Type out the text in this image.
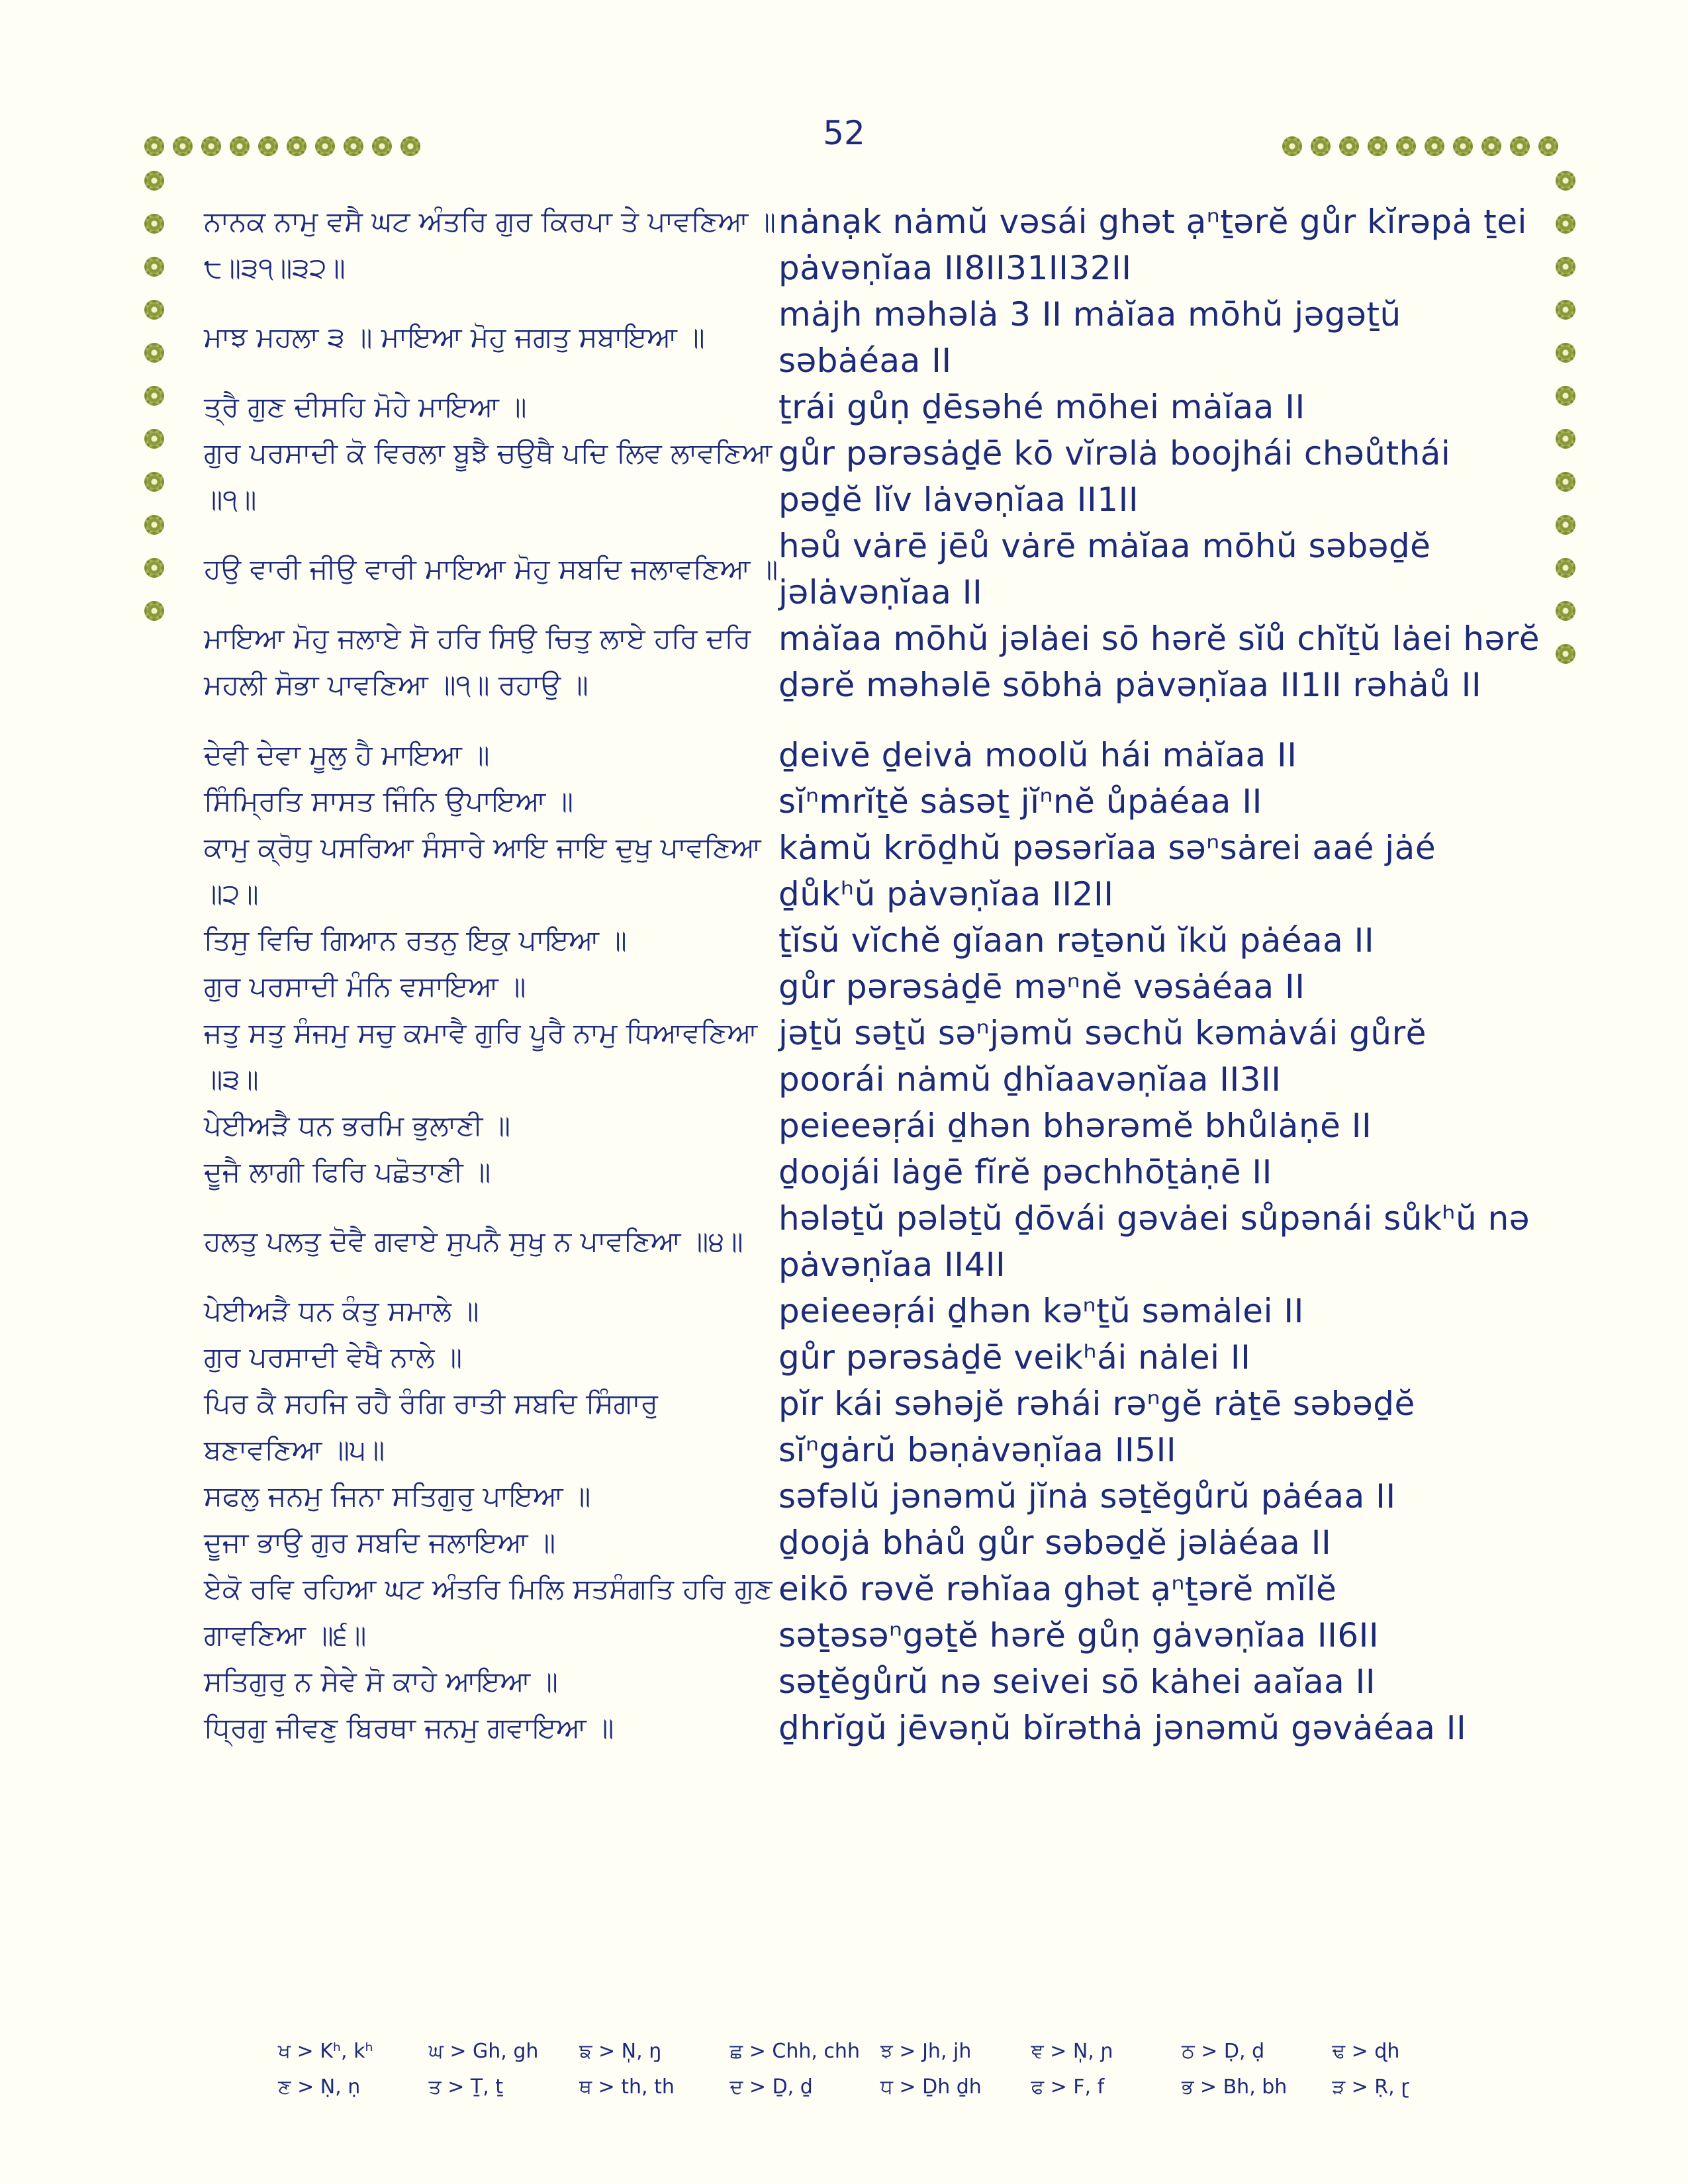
52
ਨਾਨਕ ਨਾਮੁ ਵਸੈ ਘਟ ਅੰਤਰਿ ਗੁਰ ਕਿਰਪਾ ਤੇ ਪਾਵਣਿਆ ॥੮॥੩੧॥੩੨॥
nȧnạk nȧmŭ vəsái ghət ạⁿṯərĕ gůr kĭrəpȧ ṯei pȧvəṇĭaa II8II31II32II
ਮਾਝ ਮਹਲਾ ੩ ॥ ਮਾਇਆ ਮੋਹੁ ਜਗਤੁ ਸਬਾਇਆ ॥
mȧjh məhəlȧ 3 II mȧĭaa mōhŭ jəgəṯŭ səbȧéaa II
ਤ੍ਰੈ ਗੁਣ ਦੀਸਹਿ ਮੋਹੇ ਮਾਇਆ ॥	ṯrái gůṇ ḏēsəhé mōhei mȧĭaa II
ਗੁਰ ਪਰਸਾਦੀ ਕੋ ਵਿਰਲਾ ਬੂਝੈ ਚਉਥੈ ਪਦਿ ਲਿਵ ਲਾਵਣਿਆ ॥੧॥
gůr pərəsȧḏē kō vĭrəlȧ boojhái chəůthái pəḏĕ lĭv lȧvəṇĭaa II1II
ਹਉ ਵਾਰੀ ਜੀਉ ਵਾਰੀ ਮਾਇਆ ਮੋਹੁ ਸਬਦਿ ਜਲਾਵਣਿਆ ॥
həů vȧrē jēů vȧrē mȧĭaa mōhŭ səbəḏĕ jəlȧvəṇĭaa II
ਮਾਇਆ ਮੋਹੁ ਜਲਾਏ ਸੋ ਹਰਿ ਸਿਉ ਚਿਤੁ ਲਾਏ ਹਰਿ ਦਰਿ ਮਹਲੀ ਸੋਭਾ ਪਾਵਣਿਆ ॥੧॥ ਰਹਾਉ ॥
mȧĭaa mōhŭ jəlȧei sō hərĕ sĭů chĭṯŭ lȧei hərĕ ḏərĕ məhəlē sōbhȧ pȧvəṇĭaa II1II rəhȧů II
ਦੇਵੀ ਦੇਵਾ ਮੂਲੁ ਹੈ ਮਾਇਆ ॥	ḏeivē ḏeivȧ moolŭ hái mȧĭaa II
ਸਿੰਮ੍ਰਿਤਿ ਸਾਸਤ ਜਿੰਨਿ ਉਪਾਇਆ ॥	sĭⁿmrĭṯĕ sȧsəṯ jĭⁿnĕ ůpȧéaa II
ਕਾਮੁ ਕ੍ਰੋਧੁ ਪਸਰਿਆ ਸੰਸਾਰੇ ਆਇ ਜਾਇ ਦੁਖੁ ਪਾਵਣਿਆ ॥੨॥
kȧmŭ krōḏhŭ pəsərĭaa səⁿsȧrei aaé jȧé ḏůkʰŭ pȧvəṇĭaa II2II
ਤਿਸੁ ਵਿਚਿ ਗਿਆਨ ਰਤਨੁ ਇਕੁ ਪਾਇਆ ॥	ṯĭsŭ vĭchĕ gĭaan rəṯənŭ ĭkŭ pȧéaa II
ਗੁਰ ਪਰਸਾਦੀ ਮੰਨਿ ਵਸਾਇਆ ॥	gůr pərəsȧḏē məⁿnĕ vəsȧéaa II
ਜਤੁ ਸਤੁ ਸੰਜਮੁ ਸਚੁ ਕਮਾਵੈ ਗੁਰਿ ਪੂਰੈ ਨਾਮੁ ਧਿਆਵਣਿਆ ॥੩॥
jəṯŭ səṯŭ səⁿjəmŭ səchŭ kəmȧvái gůrĕ poorái nȧmŭ ḏhĭaavəṇĭaa II3II
ਪੇਈਅੜੈ ਧਨ ਭਰਮਿ ਭੁਲਾਣੀ ॥	peieeəṛái ḏhən bhərəmĕ bhůlȧṇē II
ਦੂਜੈ ਲਾਗੀ ਫਿਰਿ ਪਛੋਤਾਣੀ ॥	ḏoojái lȧgē fĭrĕ pəchhōṯȧṇē II
ਹਲਤੁ ਪਲਤੁ ਦੋਵੈ ਗਵਾਏ ਸੁਪਨੈ ਸੁਖੁ ਨ ਪਾਵਣਿਆ ॥੪॥
hələṯŭ pələṯŭ ḏōvái gəvȧei sůpənái sůkʰŭ nə pȧvəṇĭaa II4II
ਪੇਈਅੜੈ ਧਨ ਕੰਤੁ ਸਮਾਲੇ ॥	peieeəṛái ḏhən kəⁿṯŭ səmȧlei II
ਗੁਰ ਪਰਸਾਦੀ ਵੇਖੈ ਨਾਲੇ ॥	gůr pərəsȧḏē veikʰái nȧlei II
ਪਿਰ ਕੈ ਸਹਜਿ ਰਹੈ ਰੰਗਿ ਰਾਤੀ ਸਬਦਿ ਸਿੰਗਾਰੁ ਬਣਾਵਣਿਆ ॥੫॥
pĭr kái səhəjĕ rəhái rəⁿgĕ rȧṯē səbəḏĕ sĭⁿgȧrŭ bəṇȧvəṇĭaa II5II
ਸਫਲੁ ਜਨਮੁ ਜਿਨਾ ਸਤਿਗੁਰੁ ਪਾਇਆ ॥	səfəlŭ jənəmŭ jĭnȧ səṯĕgůrŭ pȧéaa II
ਦੂਜਾ ਭਾਉ ਗੁਰ ਸਬਦਿ ਜਲਾਇਆ ॥	ḏoojȧ bhȧů gůr səbəḏĕ jəlȧéaa II
ਏਕੋ ਰਵਿ ਰਹਿਆ ਘਟ ਅੰਤਰਿ ਮਿਲਿ ਸਤਸੰਗਤਿ ਹਰਿ ਗੁਣ ਗਾਵਣਿਆ ॥੬॥
eikō rəvĕ rəhĭaa ghət ạⁿṯərĕ mĭlĕ səṯəsəⁿgəṯĕ hərĕ gůṇ gȧvəṇĭaa II6II
ਸਤਿਗੁਰੁ ਨ ਸੇਵੇ ਸੋ ਕਾਹੇ ਆਇਆ ॥	səṯĕgůrŭ nə seivei sō kȧhei aaĭaa II
ਧ੍ਰਿਗੁ ਜੀਵਣੁ ਬਿਰਥਾ ਜਨਮੁ ਗਵਾਇਆ ॥	ḏhrĭgŭ jēvəṇŭ bĭrəthȧ jənəmŭ gəvȧéaa II
ਖ > Kʰ, kʰ	ਘ > Gh, gh	ਙ > N̩, ŋ	ਛ > Chh, chh	ਝ > Jh, jh	ਞ > N̩, ɲ	ਠ > Ḍ, ḍ	ਢ > ɖh
ਣ > Ṇ, ṇ	ਤ > Ṯ, ṯ	ਥ > th, th	ਦ > Ḏ, ḏ	ਧ > Ḏh ḏh	ਫ > F, f	ਭ > Bh, bh	ੜ > Ṛ, ɽ
